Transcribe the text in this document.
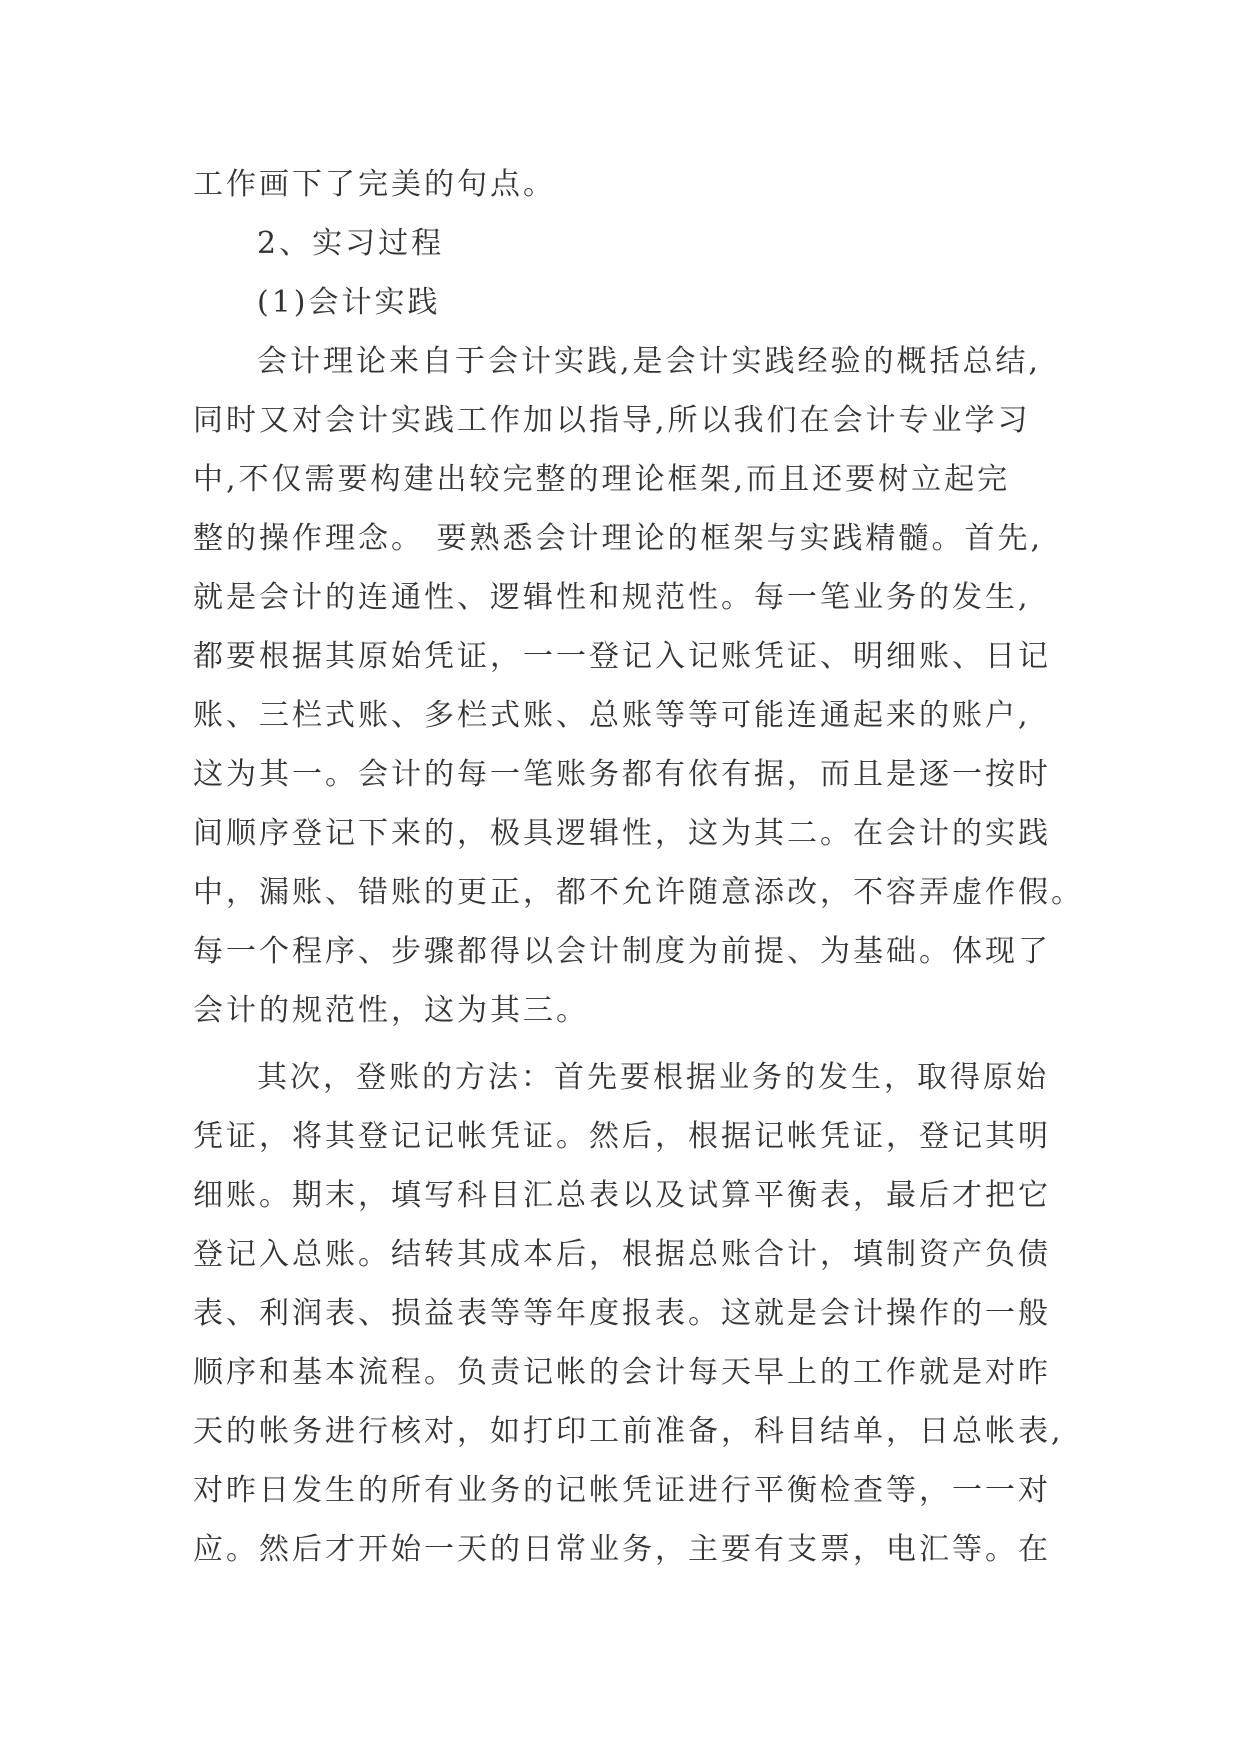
工作画下了完美的句点。
2、实习过程
(1)会计实践
会计理论来自于会计实践,是会计实践经验的概括总结,
同时又对会计实践工作加以指导,所以我们在会计专业学习
中,不仅需要构建出较完整的理论框架,而且还要树立起完
整的操作理念。 要熟悉会计理论的框架与实践精髓。首先,
就是会计的连通性、逻辑性和规范性。每一笔业务的发生,
都要根据其原始凭证，一一登记入记账凭证、明细账、日记
账、三栏式账、多栏式账、总账等等可能连通起来的账户,
这为其一。会计的每一笔账务都有依有据，而且是逐一按时
间顺序登记下来的，极具逻辑性，这为其二。在会计的实践
中，漏账、错账的更正，都不允许随意添改，不容弄虚作假。
每一个程序、步骤都得以会计制度为前提、为基础。体现了
会计的规范性，这为其三。
其次，登账的方法：首先要根据业务的发生，取得原始
凭证，将其登记记帐凭证。然后，根据记帐凭证，登记其明
细账。期末，填写科目汇总表以及试算平衡表，最后才把它
登记入总账。结转其成本后，根据总账合计，填制资产负债
表、利润表、损益表等等年度报表。这就是会计操作的一般
顺序和基本流程。负责记帐的会计每天早上的工作就是对昨
天的帐务进行核对，如打印工前准备，科目结单，日总帐表,
对昨日发生的所有业务的记帐凭证进行平衡检查等，一一对
应。然后才开始一天的日常业务，主要有支票，电汇等。在
